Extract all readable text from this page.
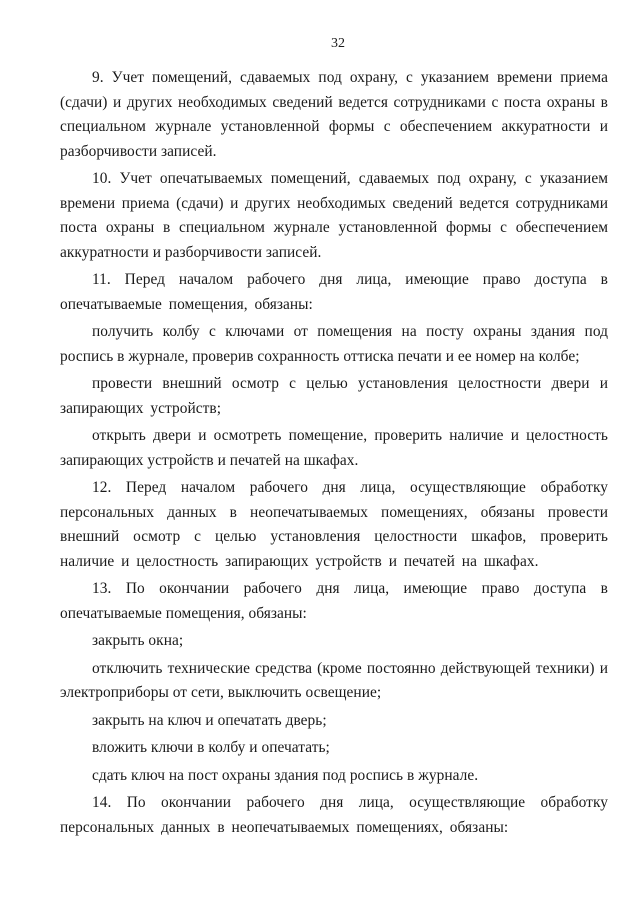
32

9. Учет помещений, сдаваемых под охрану, с указанием времени приема (сдачи) и других необходимых сведений ведется сотрудниками с поста охраны в специальном журнале установленной формы с обеспечением аккуратности и разборчивости записей.

10. Учет опечатываемых помещений, сдаваемых под охрану, с указанием времени приема (сдачи) и других необходимых сведений ведется сотрудниками поста охраны в специальном журнале установленной формы с обеспечением аккуратности и разборчивости записей.

11. Перед началом рабочего дня лица, имеющие право доступа в опечатываемые помещения, обязаны:

получить колбу с ключами от помещения на посту охраны здания под роспись в журнале, проверив сохранность оттиска печати и ее номер на колбе;

провести внешний осмотр с целью установления целостности двери и запирающих устройств;

открыть двери и осмотреть помещение, проверить наличие и целостность запирающих устройств и печатей на шкафах.

12. Перед началом рабочего дня лица, осуществляющие обработку персональных данных в неопечатываемых помещениях, обязаны провести внешний осмотр с целью установления целостности шкафов, проверить наличие и целостность запирающих устройств и печатей на шкафах.

13. По окончании рабочего дня лица, имеющие право доступа в опечатываемые помещения, обязаны:

закрыть окна;

отключить технические средства (кроме постоянно действующей техники) и электроприборы от сети, выключить освещение;

закрыть на ключ и опечатать дверь;

вложить ключи в колбу и опечатать;

сдать ключ на пост охраны здания под роспись в журнале.

14. По окончании рабочего дня лица, осуществляющие обработку персональных данных в неопечатываемых помещениях, обязаны:
